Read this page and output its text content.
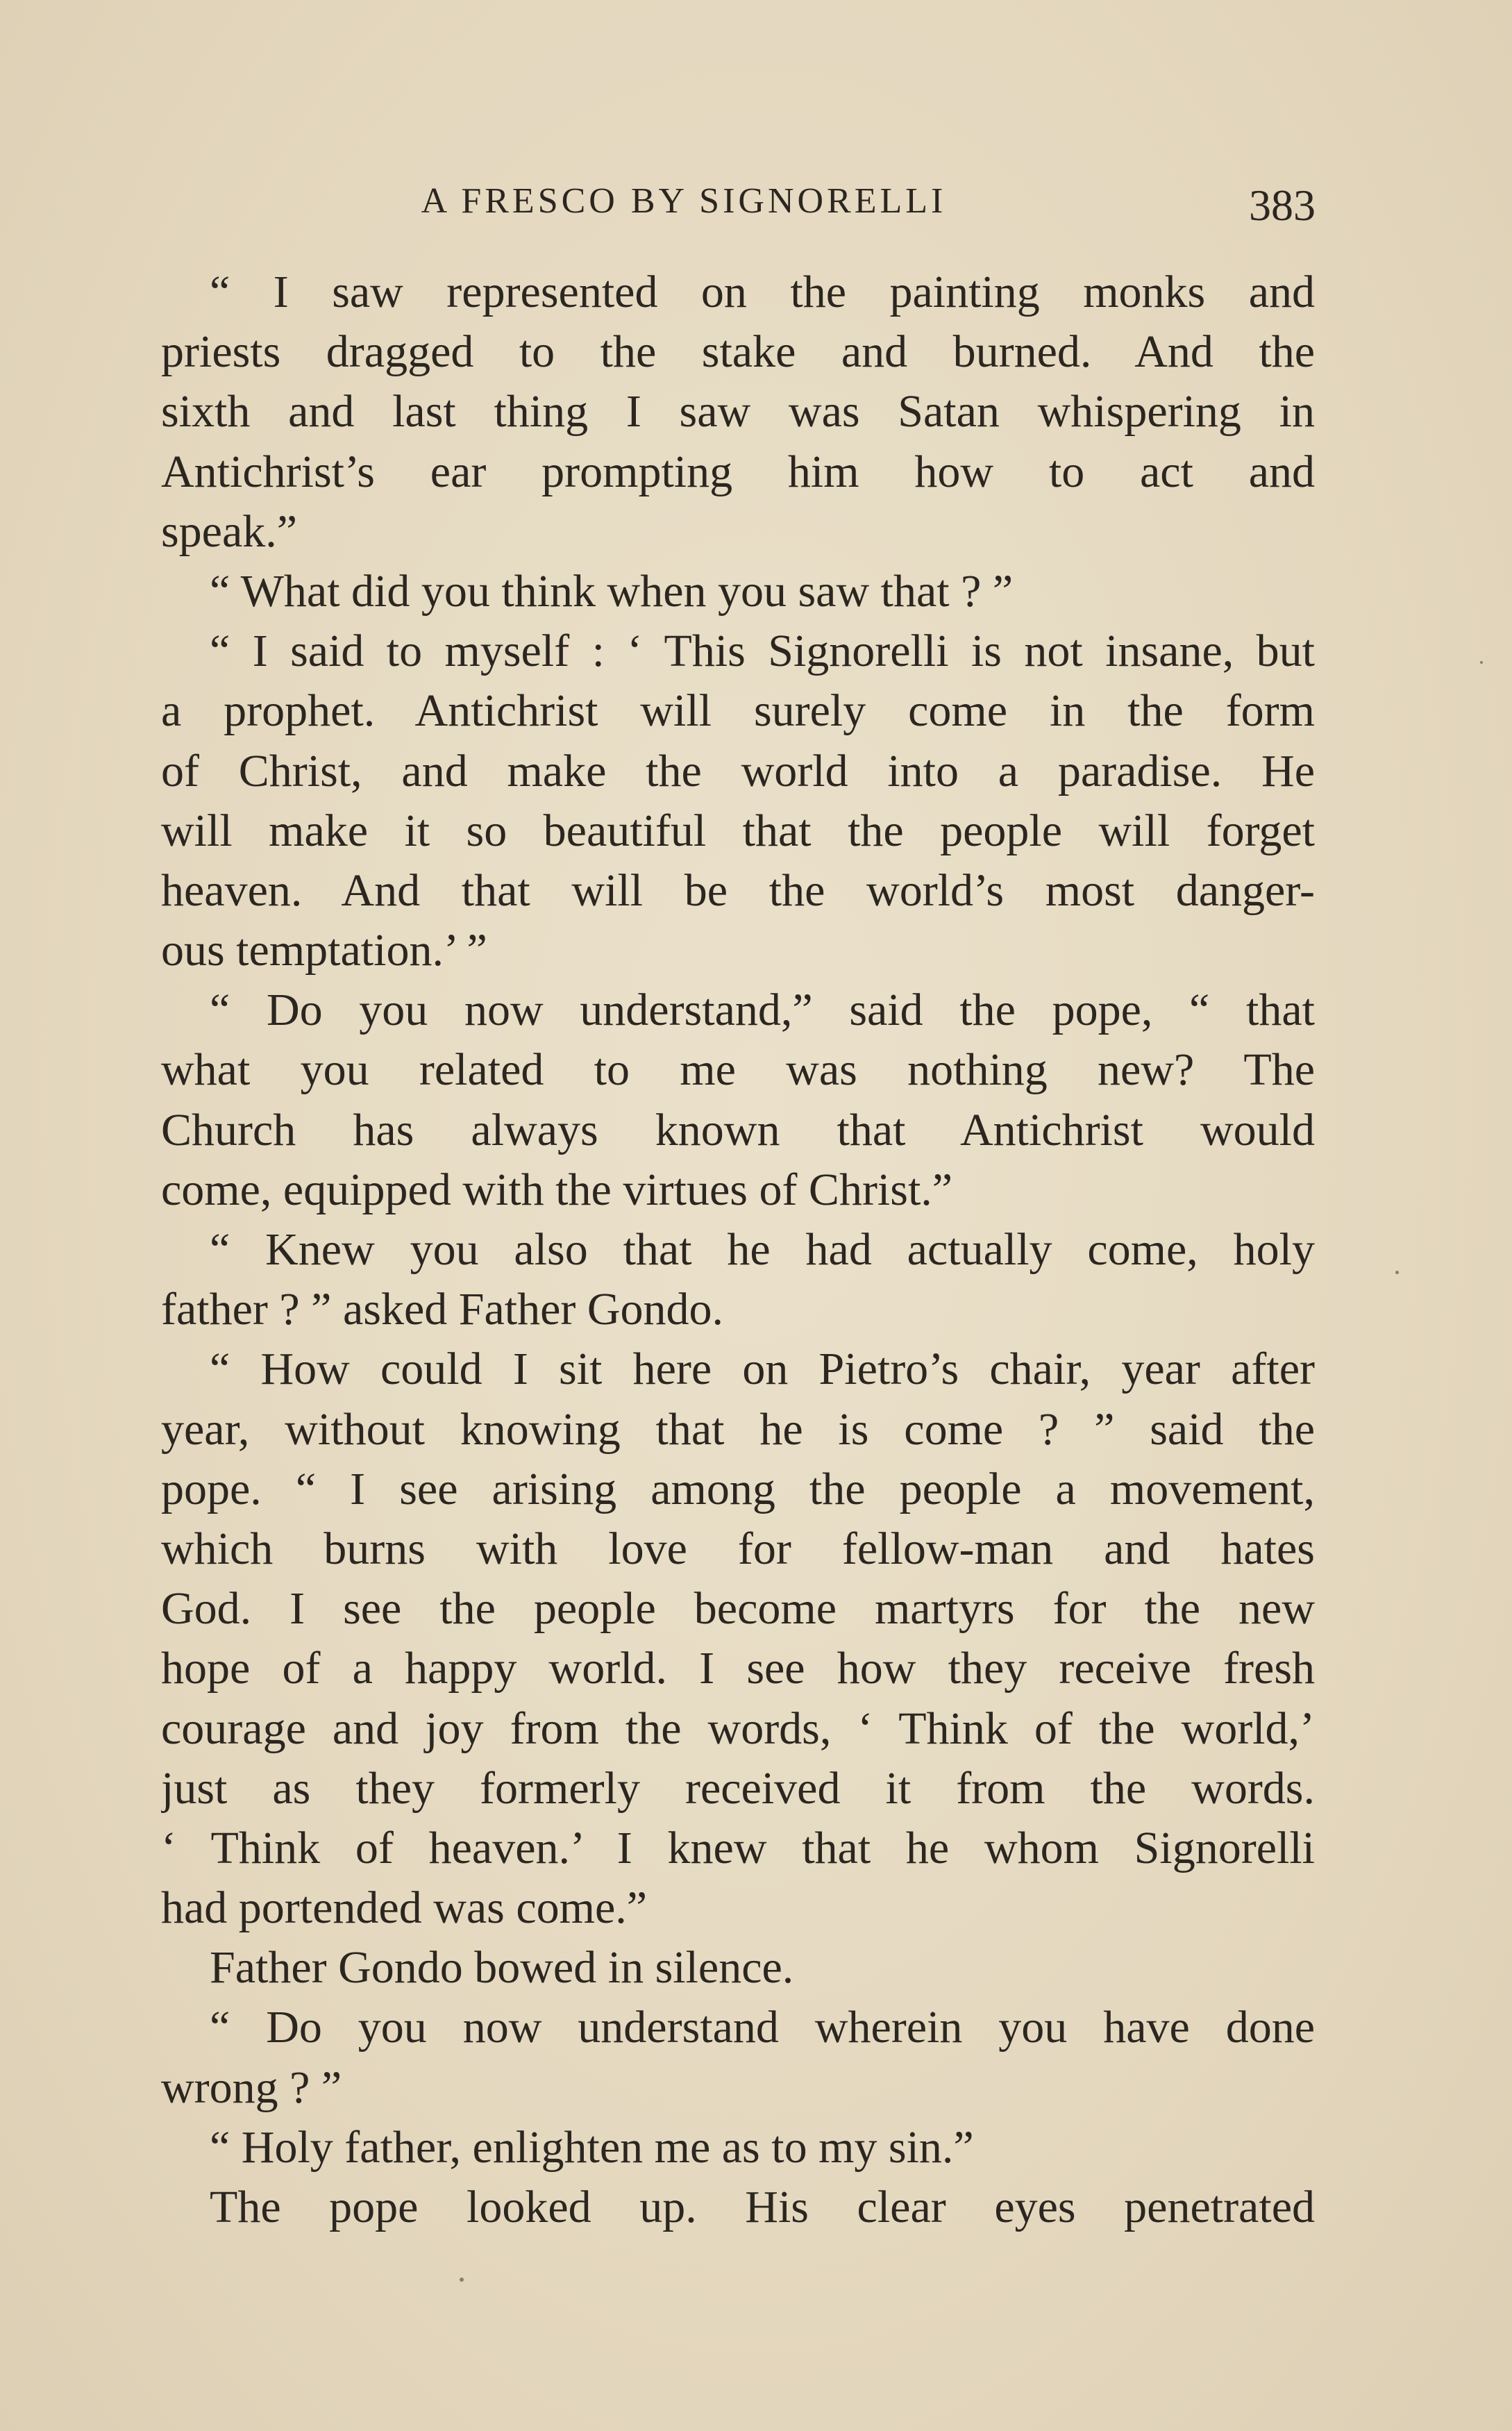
A FRESCO BY SIGNORELLI	383
“ I saw represented on the painting monks and
priests dragged to the stake and burned. And the
sixth and last thing I saw was Satan whispering in
Antichrist’s ear prompting him how to act and
speak.”
“ What did you think when you saw that ? ”
“ I said to myself : ‘ This Signorelli is not insane, but
a prophet. Antichrist will surely come in the form
of Christ, and make the world into a paradise. He
will make it so beautiful that the people will forget
heaven. And that will be the world’s most danger-
ous temptation.’ ”
“ Do you now understand,” said the pope, “ that
what you related to me was nothing new? The
Church has always known that Antichrist would
come, equipped with the virtues of Christ.”
“ Knew you also that he had actually come, holy
father ? ” asked Father Gondo.
“ How could I sit here on Pietro’s chair, year after
year, without knowing that he is come ? ” said the
pope. “ I see arising among the people a movement,
which burns with love for fellow-man and hates
God. I see the people become martyrs for the new
hope of a happy world. I see how they receive fresh
courage and joy from the words, ‘ Think of the world,’
just as they formerly received it from the words.
‘ Think of heaven.’ I knew that he whom Signorelli
had portended was come.”
Father Gondo bowed in silence.
“ Do you now understand wherein you have done
wrong ? ”
“ Holy father, enlighten me as to my sin.”
The pope looked up. His clear eyes penetrated
